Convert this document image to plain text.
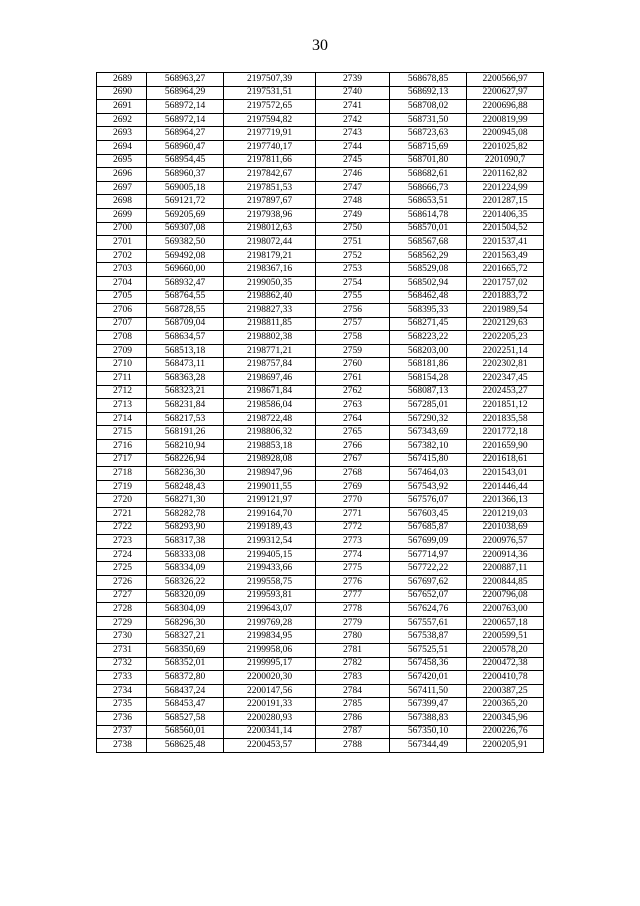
30
2689	568963,27	2197507,39	2739	568678,85	2200566,97
2690	568964,29	2197531,51	2740	568692,13	2200627,97
2691	568972,14	2197572,65	2741	568708,02	2200696,88
2692	568972,14	2197594,82	2742	568731,50	2200819,99
2693	568964,27	2197719,91	2743	568723,63	2200945,08
2694	568960,47	2197740,17	2744	568715,69	2201025,82
2695	568954,45	2197811,66	2745	568701,80	2201090,7
2696	568960,37	2197842,67	2746	568682,61	2201162,82
2697	569005,18	2197851,53	2747	568666,73	2201224,99
2698	569121,72	2197897,67	2748	568653,51	2201287,15
2699	569205,69	2197938,96	2749	568614,78	2201406,35
2700	569307,08	2198012,63	2750	568570,01	2201504,52
2701	569382,50	2198072,44	2751	568567,68	2201537,41
2702	569492,08	2198179,21	2752	568562,29	2201563,49
2703	569660,00	2198367,16	2753	568529,08	2201665,72
2704	568932,47	2199050,35	2754	568502,94	2201757,02
2705	568764,55	2198862,40	2755	568462,48	2201883,72
2706	568728,55	2198827,33	2756	568395,33	2201989,54
2707	568709,04	2198811,85	2757	568271,45	2202129,63
2708	568634,57	2198802,38	2758	568223,22	2202205,23
2709	568513,18	2198771,21	2759	568203,00	2202251,14
2710	568473,11	2198757,84	2760	568181,86	2202302,81
2711	568363,28	2198697,46	2761	568154,28	2202347,45
2712	568323,21	2198671,84	2762	568087,13	2202453,27
2713	568231,84	2198586,04	2763	567285,01	2201851,12
2714	568217,53	2198722,48	2764	567290,32	2201835,58
2715	568191,26	2198806,32	2765	567343,69	2201772,18
2716	568210,94	2198853,18	2766	567382,10	2201659,90
2717	568226,94	2198928,08	2767	567415,80	2201618,61
2718	568236,30	2198947,96	2768	567464,03	2201543,01
2719	568248,43	2199011,55	2769	567543,92	2201446,44
2720	568271,30	2199121,97	2770	567576,07	2201366,13
2721	568282,78	2199164,70	2771	567603,45	2201219,03
2722	568293,90	2199189,43	2772	567685,87	2201038,69
2723	568317,38	2199312,54	2773	567699,09	2200976,57
2724	568333,08	2199405,15	2774	567714,97	2200914,36
2725	568334,09	2199433,66	2775	567722,22	2200887,11
2726	568326,22	2199558,75	2776	567697,62	2200844,85
2727	568320,09	2199593,81	2777	567652,07	2200796,08
2728	568304,09	2199643,07	2778	567624,76	2200763,00
2729	568296,30	2199769,28	2779	567557,61	2200657,18
2730	568327,21	2199834,95	2780	567538,87	2200599,51
2731	568350,69	2199958,06	2781	567525,51	2200578,20
2732	568352,01	2199995,17	2782	567458,36	2200472,38
2733	568372,80	2200020,30	2783	567420,01	2200410,78
2734	568437,24	2200147,56	2784	567411,50	2200387,25
2735	568453,47	2200191,33	2785	567399,47	2200365,20
2736	568527,58	2200280,93	2786	567388,83	2200345,96
2737	568560,01	2200341,14	2787	567350,10	2200226,76
2738	568625,48	2200453,57	2788	567344,49	2200205,91
